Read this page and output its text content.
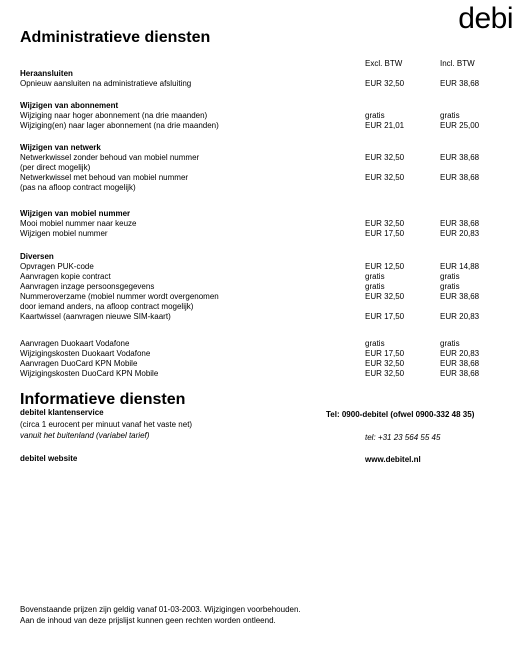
debi
Administratieve diensten
Excl. BTW	Incl. BTW
Heraansluiten
Opnieuw aansluiten na administratieve afsluiting	EUR 32,50	EUR 38,68
Wijzigen van abonnement
Wijziging naar hoger abonnement (na drie maanden)	gratis	gratis
Wijziging(en) naar lager abonnement (na drie maanden)	EUR 21,01	EUR 25,00
Wijzigen van netwerk
Netwerkwissel zonder behoud van mobiel nummer	EUR 32,50	EUR 38,68
(per direct mogelijk)
Netwerkwissel met behoud van mobiel nummer	EUR 32,50	EUR 38,68
(pas na afloop contract mogelijk)
Wijzigen van mobiel nummer
Mooi mobiel nummer naar keuze	EUR 32,50	EUR 38,68
Wijzigen mobiel nummer	EUR 17,50	EUR 20,83
Diversen
Opvragen PUK-code	EUR 12,50	EUR 14,88
Aanvragen kopie contract	gratis	gratis
Aanvragen inzage persoonsgegevens	gratis	gratis
Nummeroverzame (mobiel nummer wordt overgenomen	EUR 32,50	EUR 38,68
door iemand anders, na afloop contract mogelijk)
Kaartwissel (aanvragen nieuwe SIM-kaart)	EUR 17,50	EUR 20,83
Aanvragen Duokaart Vodafone	gratis	gratis
Wijzigingskosten Duokaart Vodafone	EUR 17,50	EUR 20,83
Aanvragen DuoCard KPN Mobile	EUR 32,50	EUR 38,68
Wijzigingskosten DuoCard KPN Mobile	EUR 32,50	EUR 38,68
Informatieve diensten
debitel klantenservice	Tel: 0900-debitel (ofwel 0900-332 48 35)
(circa 1 eurocent per minuut vanaf het vaste net)
vanuit het buitenland (variabel tarief)	tel: +31 23 564 55 45
debitel website	www.debitel.nl
Bovenstaande prijzen zijn geldig vanaf 01-03-2003. Wijzigingen voorbehouden.
Aan de inhoud van deze prijslijst kunnen geen rechten worden ontleend.
